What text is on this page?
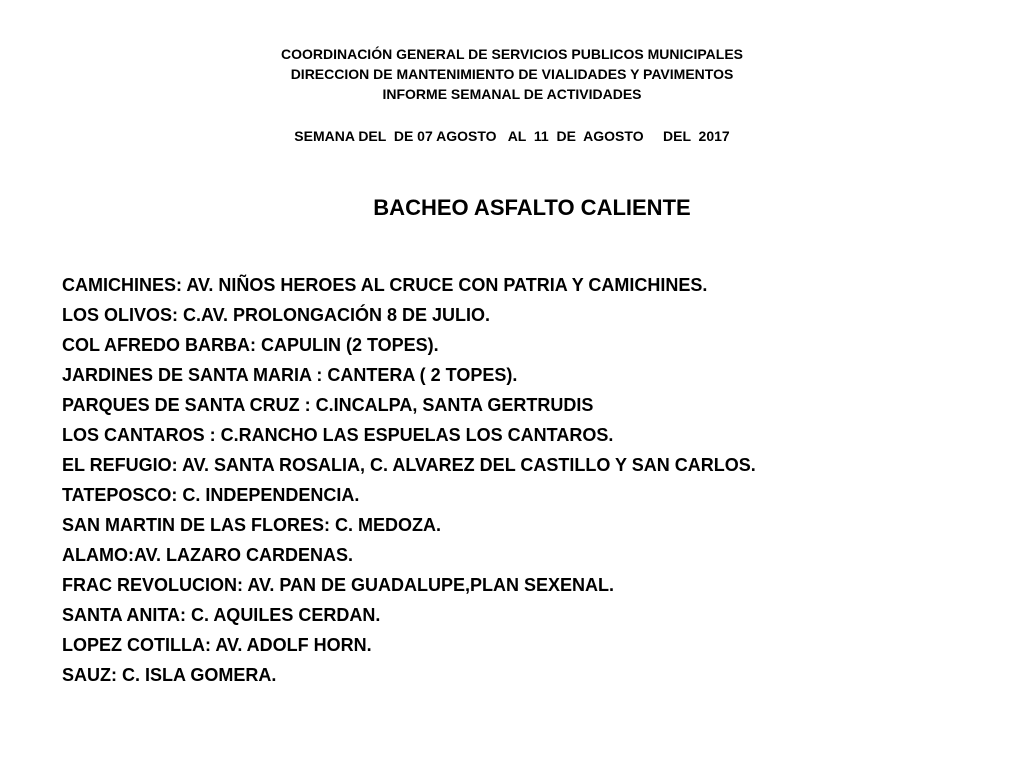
COORDINACIÓN GENERAL DE SERVICIOS PUBLICOS MUNICIPALES
DIRECCION DE MANTENIMIENTO DE VIALIDADES Y PAVIMENTOS
INFORME SEMANAL DE ACTIVIDADES
SEMANA DEL  DE 07 AGOSTO   AL  11  DE  AGOSTO     DEL  2017
BACHEO ASFALTO CALIENTE
CAMICHINES: AV. NIÑOS HEROES AL CRUCE CON PATRIA Y CAMICHINES.
LOS OLIVOS: C.AV. PROLONGACIÓN 8 DE JULIO.
COL AFREDO BARBA: CAPULIN (2 TOPES).
JARDINES DE SANTA MARIA : CANTERA ( 2 TOPES).
PARQUES DE SANTA CRUZ : C.INCALPA, SANTA GERTRUDIS
LOS CANTAROS : C.RANCHO LAS ESPUELAS LOS CANTAROS.
EL REFUGIO: AV. SANTA ROSALIA, C. ALVAREZ DEL CASTILLO Y SAN CARLOS.
TATEPOSCO: C. INDEPENDENCIA.
SAN MARTIN DE LAS FLORES: C. MEDOZA.
ALAMO:AV. LAZARO CARDENAS.
FRAC REVOLUCION: AV. PAN DE GUADALUPE,PLAN SEXENAL.
SANTA ANITA: C. AQUILES CERDAN.
LOPEZ COTILLA: AV. ADOLF HORN.
SAUZ: C. ISLA GOMERA.
